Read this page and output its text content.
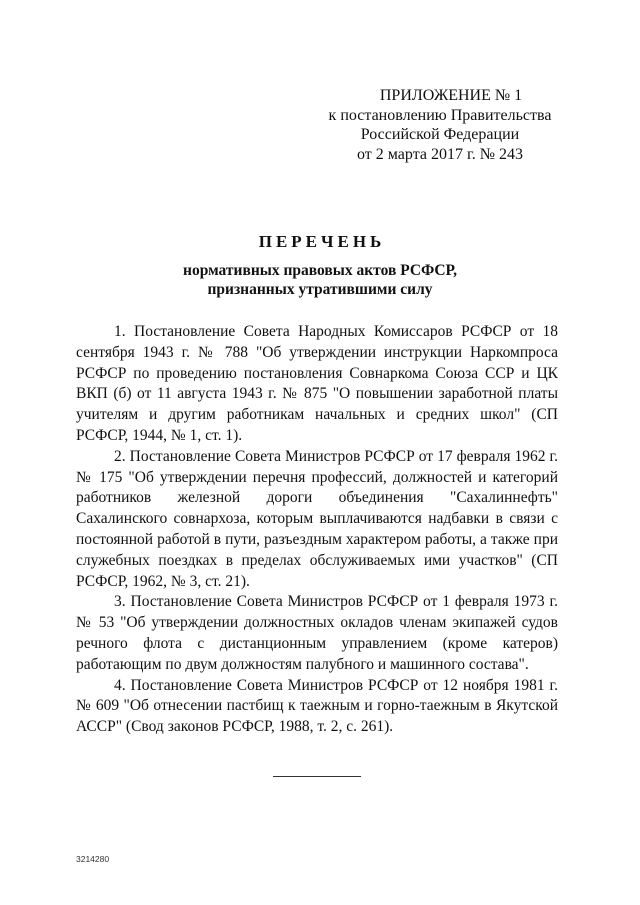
ПРИЛОЖЕНИЕ № 1
к постановлению Правительства
Российской Федерации
от 2 марта 2017 г. № 243
ПЕРЕЧЕНЬ
нормативных правовых актов РСФСР,
признанных утратившими силу

1. Постановление Совета Народных Комиссаров РСФСР от 18 сентября 1943 г. № 788 "Об утверждении инструкции Наркомпроса РСФСР по проведению постановления Совнаркома Союза ССР и ЦК ВКП (б) от 11 августа 1943 г. № 875 "О повышении заработной платы учителям и другим работникам начальных и средних школ" (СП РСФСР, 1944, № 1, ст. 1).

2. Постановление Совета Министров РСФСР от 17 февраля 1962 г. № 175 "Об утверждении перечня профессий, должностей и категорий работников железной дороги объединения "Сахалиннефть" Сахалинского совнархоза, которым выплачиваются надбавки в связи с постоянной работой в пути, разъездным характером работы, а также при служебных поездках в пределах обслуживаемых ими участков" (СП РСФСР, 1962, № 3, ст. 21).

3. Постановление Совета Министров РСФСР от 1 февраля 1973 г. № 53 "Об утверждении должностных окладов членам экипажей судов речного флота с дистанционным управлением (кроме катеров) работающим по двум должностям палубного и машинного состава".

4. Постановление Совета Министров РСФСР от 12 ноября 1981 г. № 609 "Об отнесении пастбищ к таежным и горно-таежным в Якутской АССР" (Свод законов РСФСР, 1988, т. 2, с. 261).

3214280
